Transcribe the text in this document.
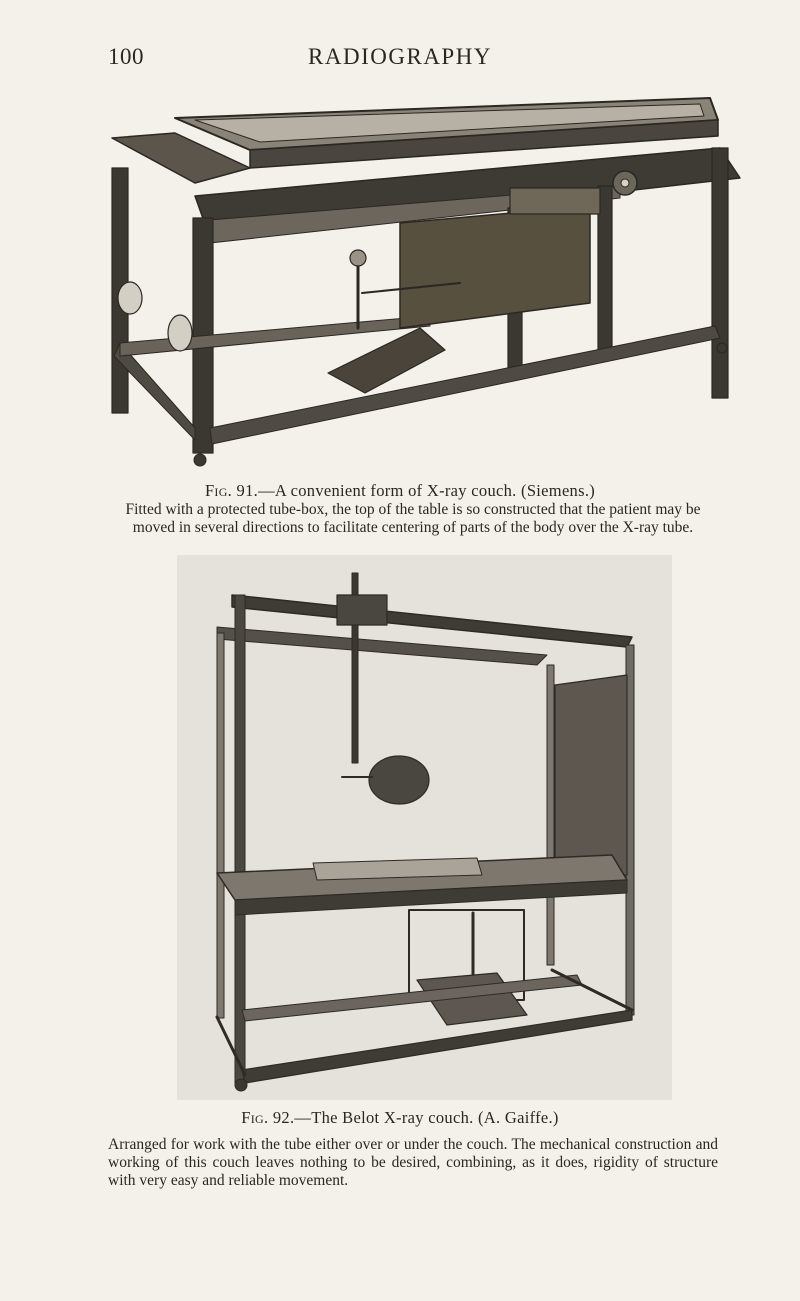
100	RADIOGRAPHY
Fig. 91.—A convenient form of X-ray couch. (Siemens.)
Fitted with a protected tube-box, the top of the table is so constructed that the patient may be moved in several directions to facilitate centering of parts of the body over the X-ray tube.
Fig. 92.—The Belot X-ray couch. (A. Gaiffe.)
Arranged for work with the tube either over or under the couch. The mechanical construction and working of this couch leaves nothing to be desired, combining, as it does, rigidity of structure with very easy and reliable movement.
